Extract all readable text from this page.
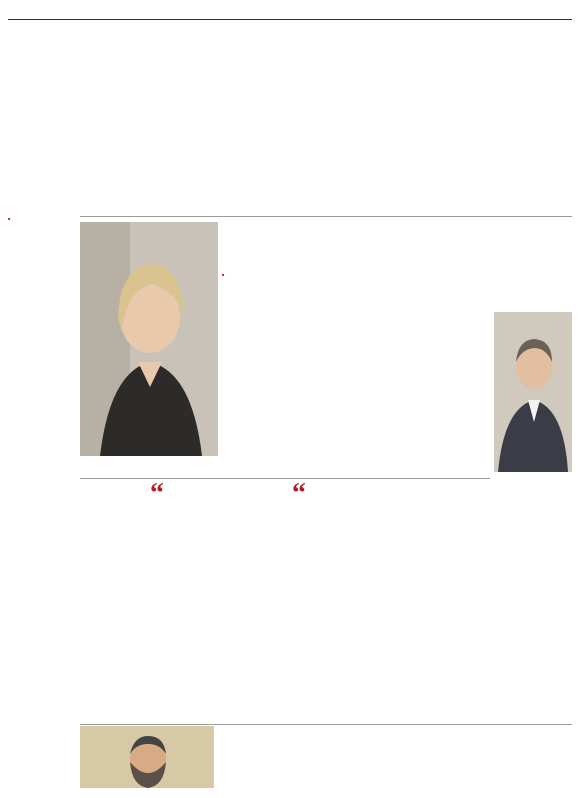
■
■
“	“
